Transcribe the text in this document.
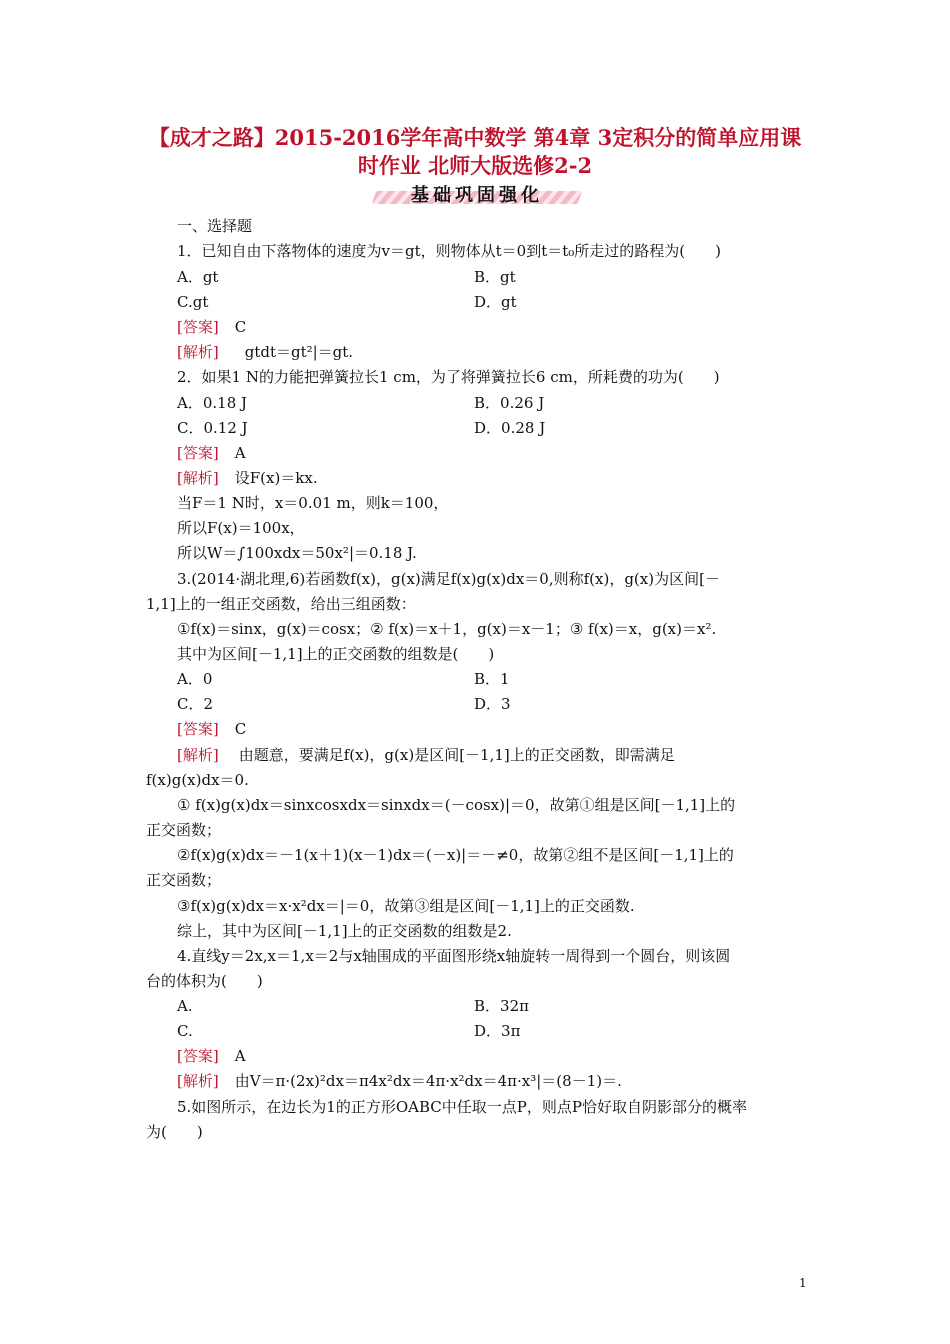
【成才之路】2015-2016学年高中数学 第4章 3定积分的简单应用课
时作业 北师大版选修2-2
基础巩固强化
一、选择题
1．已知自由下落物体的速度为v＝gt，则物体从t＝0到t＝t₀所走过的路程为(　　)
A．gt	B．gt
C.gt	D．gt
[答案] C
[解析] gtdt＝gt²|＝gt.
2．如果1 N的力能把弹簧拉长1 cm，为了将弹簧拉长6 cm，所耗费的功为(　　)
A．0.18 J	B．0.26 J
C．0.12 J	D．0.28 J
[答案] A
[解析] 设F(x)＝kx.
当F＝1 N时，x＝0.01 m，则k＝100，
所以F(x)＝100x，
所以W＝∫100xdx＝50x²|＝0.18 J.
3.(2014·湖北理,6)若函数f(x)，g(x)满足f(x)g(x)dx＝0,则称f(x)，g(x)为区间[－
1,1]上的一组正交函数，给出三组函数：
①f(x)＝sinx，g(x)＝cosx；② f(x)＝x＋1，g(x)＝x－1；③ f(x)＝x，g(x)＝x².
其中为区间[－1,1]上的正交函数的组数是(　　)
A．0	B．1
C．2	D．3
[答案] C
[解析] 由题意，要满足f(x)，g(x)是区间[－1,1]上的正交函数，即需满足
f(x)g(x)dx＝0.
① f(x)g(x)dx＝sinxcosxdx＝sinxdx＝(－cosx)|＝0，故第①组是区间[－1,1]上的
正交函数；
②f(x)g(x)dx＝－1(x＋1)(x－1)dx＝(－x)|＝－≠0，故第②组不是区间[－1,1]上的
正交函数；
③f(x)g(x)dx＝x·x²dx＝|＝0，故第③组是区间[－1,1]上的正交函数.
综上，其中为区间[－1,1]上的正交函数的组数是2.
4.直线y＝2x,x＝1,x＝2与x轴围成的平面图形绕x轴旋转一周得到一个圆台，则该圆
台的体积为(　　)
A.	B．32π
C.	D．3π
[答案] A
[解析] 由V＝π·(2x)²dx＝π4x²dx＝4π·x²dx＝4π·x³|＝(8－1)＝.
5.如图所示，在边长为1的正方形OABC中任取一点P，则点P恰好取自阴影部分的概率
为(　　)
1
